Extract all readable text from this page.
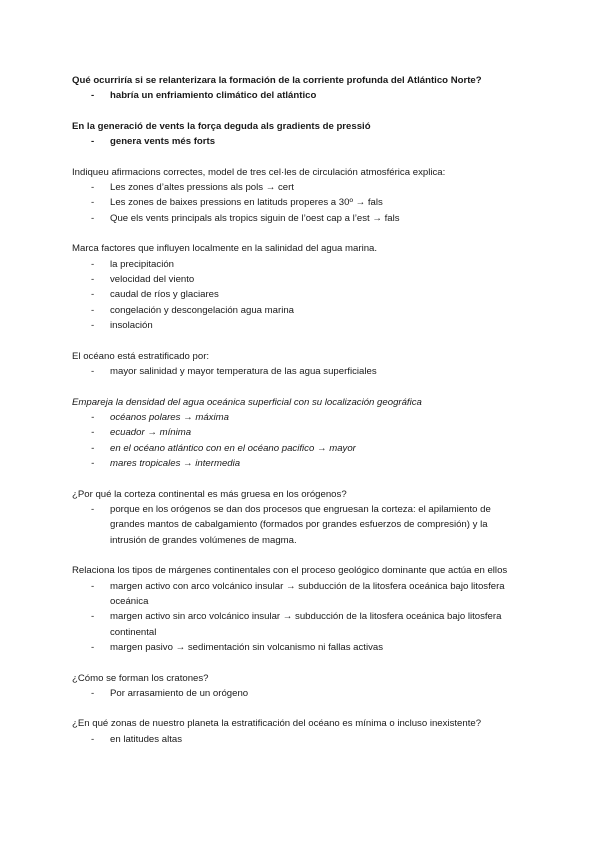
Qué ocurriría si se relanterizara la formación de la corriente profunda del Atlántico Norte?

- habría un enfriamiento climático del atlántico

En la generació de vents la força deguda als gradients de pressió

- genera vents més forts

Indiqueu afirmacions correctes, model de tres cel·les de circulación atmosférica explica:

- Les zones d’altes pressions als pols → cert
- Les zones de baixes pressions en latituds properes a 30º → fals
- Que els vents principals als tropics siguin de l’oest cap a l’est → fals

Marca factores que influyen localmente en la salinidad del agua marina.

- la precipitación
- velocidad del viento
- caudal de ríos y glaciares
- congelación y descongelación agua marina
- insolación

El océano está estratificado por:

- mayor salinidad y mayor temperatura de las agua superficiales

Empareja la densidad del agua oceánica superficial con su localización geográfica

- océanos polares → máxima
- ecuador → mínima
- en el océano atlántico con en el océano pacifico → mayor
- mares tropicales → intermedia

¿Por qué la corteza continental es más gruesa en los orógenos?

- porque en los orógenos se dan dos procesos que engruesan la corteza: el apilamiento de grandes mantos de cabalgamiento (formados por grandes esfuerzos de compresión) y la intrusión de grandes volúmenes de magma.

Relaciona los tipos de márgenes continentales con el proceso geológico dominante que actúa en ellos

- margen activo con arco volcánico insular → subducción de la litosfera oceánica bajo litosfera oceánica
- margen activo sin arco volcánico insular → subducción de la litosfera oceánica bajo litosfera continental
- margen pasivo → sedimentación sin volcanismo ni fallas activas

¿Cómo se forman los cratones?

- Por arrasamiento de un orógeno

¿En qué zonas de nuestro planeta la estratificación del océano es mínima o incluso inexistente?

- en latitudes altas
